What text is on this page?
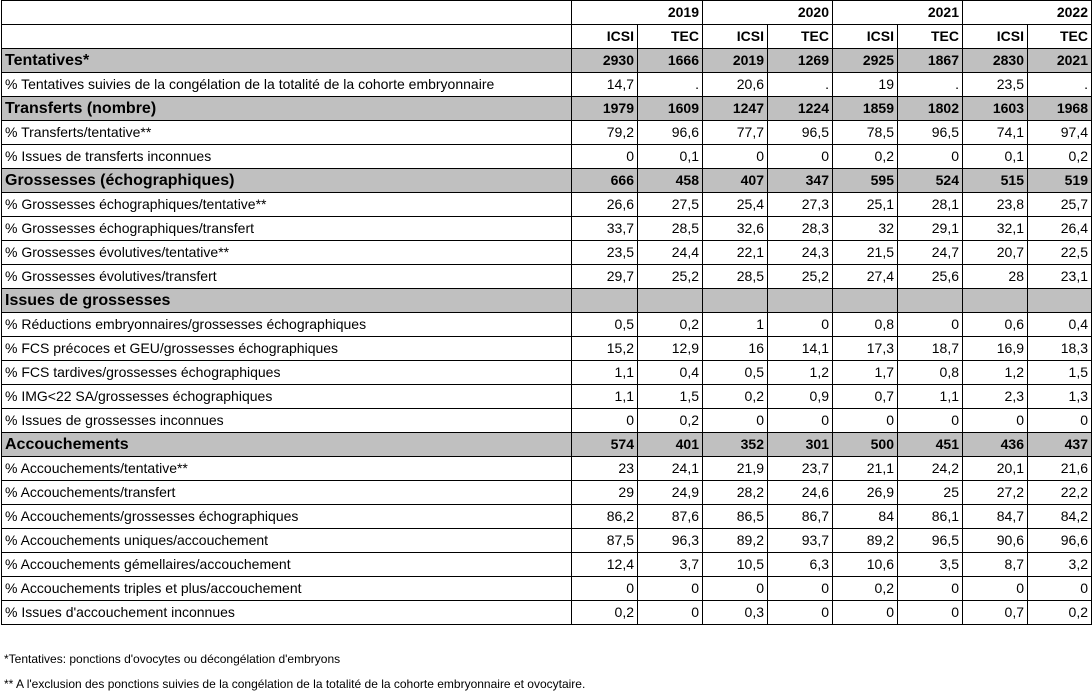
		2019		2020		2021		2022
	ICSI	TEC	ICSI	TEC	ICSI	TEC	ICSI	TEC
Tentatives*	2930	1666	2019	1269	2925	1867	2830	2021
% Tentatives suivies de la congélation de la totalité de la cohorte embryonnaire	14,7	.	20,6	.	19	.	23,5	.
Transferts (nombre)	1979	1609	1247	1224	1859	1802	1603	1968
% Transferts/tentative**	79,2	96,6	77,7	96,5	78,5	96,5	74,1	97,4
% Issues de transferts inconnues	0	0,1	0	0	0,2	0	0,1	0,2
Grossesses (échographiques)	666	458	407	347	595	524	515	519
% Grossesses échographiques/tentative**	26,6	27,5	25,4	27,3	25,1	28,1	23,8	25,7
% Grossesses échographiques/transfert	33,7	28,5	32,6	28,3	32	29,1	32,1	26,4
% Grossesses évolutives/tentative**	23,5	24,4	22,1	24,3	21,5	24,7	20,7	22,5
% Grossesses évolutives/transfert	29,7	25,2	28,5	25,2	27,4	25,6	28	23,1
Issues de grossesses								
% Réductions embryonnaires/grossesses échographiques	0,5	0,2	1	0	0,8	0	0,6	0,4
% FCS précoces et GEU/grossesses échographiques	15,2	12,9	16	14,1	17,3	18,7	16,9	18,3
% FCS tardives/grossesses échographiques	1,1	0,4	0,5	1,2	1,7	0,8	1,2	1,5
% IMG<22 SA/grossesses échographiques	1,1	1,5	0,2	0,9	0,7	1,1	2,3	1,3
% Issues de grossesses inconnues	0	0,2	0	0	0	0	0	0
Accouchements	574	401	352	301	500	451	436	437
% Accouchements/tentative**	23	24,1	21,9	23,7	21,1	24,2	20,1	21,6
% Accouchements/transfert	29	24,9	28,2	24,6	26,9	25	27,2	22,2
% Accouchements/grossesses échographiques	86,2	87,6	86,5	86,7	84	86,1	84,7	84,2
% Accouchements uniques/accouchement	87,5	96,3	89,2	93,7	89,2	96,5	90,6	96,6
% Accouchements gémellaires/accouchement	12,4	3,7	10,5	6,3	10,6	3,5	8,7	3,2
% Accouchements triples et plus/accouchement	0	0	0	0	0,2	0	0	0
% Issues d'accouchement inconnues	0,2	0	0,3	0	0	0	0,7	0,2
*Tentatives: ponctions d'ovocytes ou décongélation d'embryons
** A l'exclusion des ponctions suivies de la congélation de la totalité de la cohorte embryonnaire et ovocytaire.
